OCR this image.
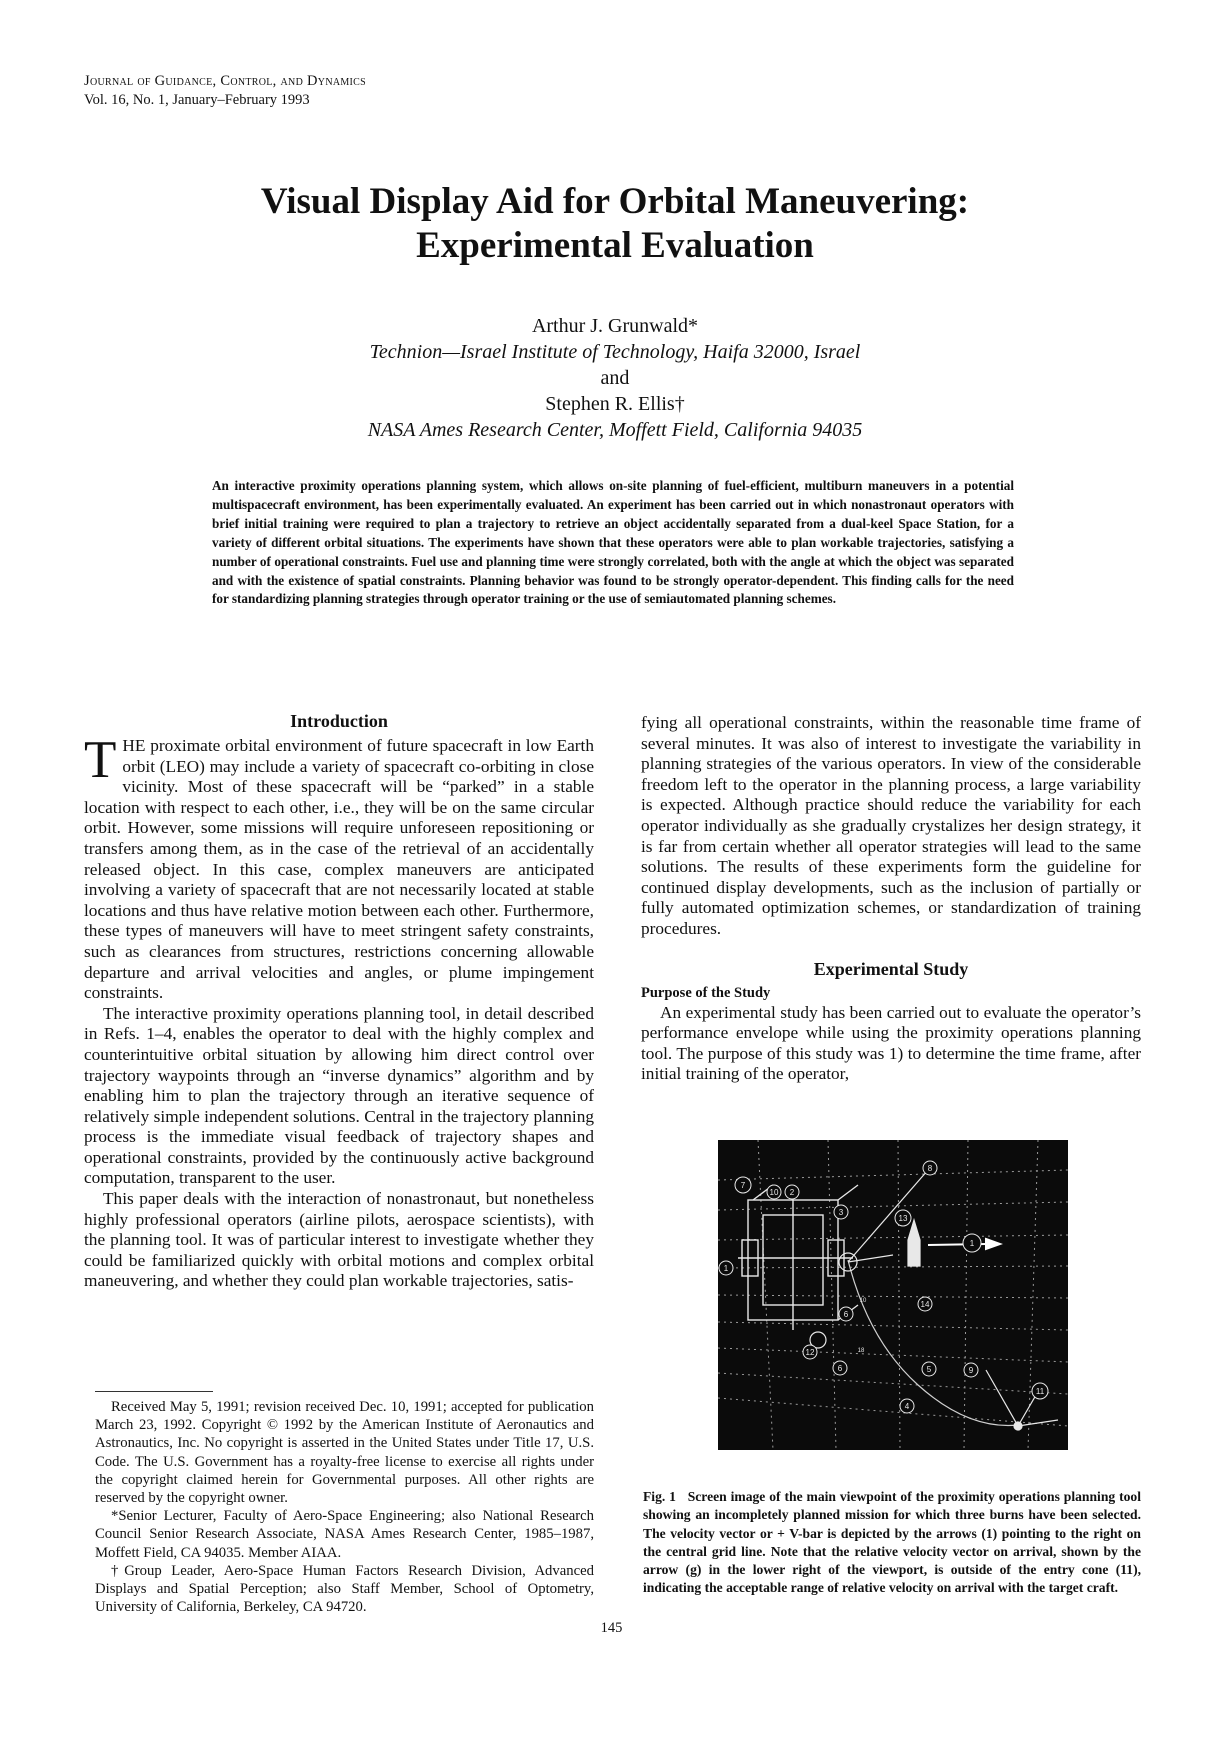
Journal of Guidance, Control, and Dynamics
Vol. 16, No. 1, January–February 1993
Visual Display Aid for Orbital Maneuvering:
Experimental Evaluation
Arthur J. Grunwald*
Technion—Israel Institute of Technology, Haifa 32000, Israel
and
Stephen R. Ellis†
NASA Ames Research Center, Moffett Field, California 94035
An interactive proximity operations planning system, which allows on-site planning of fuel-efficient, multiburn maneuvers in a potential multispacecraft environment, has been experimentally evaluated. An experiment has been carried out in which nonastronaut operators with brief initial training were required to plan a trajectory to retrieve an object accidentally separated from a dual-keel Space Station, for a variety of different orbital situations. The experiments have shown that these operators were able to plan workable trajectories, satisfying a number of operational constraints. Fuel use and planning time were strongly correlated, both with the angle at which the object was separated and with the existence of spatial constraints. Planning behavior was found to be strongly operator-dependent. This finding calls for the need for standardizing planning strategies through operator training or the use of semiautomated planning schemes.
Introduction

THE proximate orbital environment of future spacecraft in low Earth orbit (LEO) may include a variety of spacecraft co-orbiting in close vicinity. Most of these spacecraft will be “parked” in a stable location with respect to each other, i.e., they will be on the same circular orbit. However, some missions will require unforeseen repositioning or transfers among them, as in the case of the retrieval of an accidentally released object. In this case, complex maneuvers are anticipated involving a variety of spacecraft that are not necessarily located at stable locations and thus have relative motion between each other. Furthermore, these types of maneuvers will have to meet stringent safety constraints, such as clearances from structures, restrictions concerning allowable departure and arrival velocities and angles, or plume impingement constraints.

The interactive proximity operations planning tool, in detail described in Refs. 1–4, enables the operator to deal with the highly complex and counterintuitive orbital situation by allowing him direct control over trajectory waypoints through an “inverse dynamics” algorithm and by enabling him to plan the trajectory through an iterative sequence of relatively simple independent solutions. Central in the trajectory planning process is the immediate visual feedback of trajectory shapes and operational constraints, provided by the continuously active background computation, transparent to the user.

This paper deals with the interaction of nonastronaut, but nonetheless highly professional operators (airline pilots, aerospace scientists), with the planning tool. It was of particular interest to investigate whether they could be familiarized quickly with orbital motions and complex orbital maneuvering, and whether they could plan workable trajectories, satis-

Received May 5, 1991; revision received Dec. 10, 1991; accepted for publication March 23, 1992. Copyright © 1992 by the American Institute of Aeronautics and Astronautics, Inc. No copyright is asserted in the United States under Title 17, U.S. Code. The U.S. Government has a royalty-free license to exercise all rights under the copyright claimed herein for Governmental purposes. All other rights are reserved by the copyright owner.

*Senior Lecturer, Faculty of Aero-Space Engineering; also National Research Council Senior Research Associate, NASA Ames Research Center, 1985–1987, Moffett Field, CA 94035. Member AIAA.

†Group Leader, Aero-Space Human Factors Research Division, Advanced Displays and Spatial Perception; also Staff Member, School of Optometry, University of California, Berkeley, CA 94720.

fying all operational constraints, within the reasonable time frame of several minutes. It was also of interest to investigate the variability in planning strategies of the various operators. In view of the considerable freedom left to the operator in the planning process, a large variability is expected. Although practice should reduce the variability for each operator individually as she gradually crystalizes her design strategy, it is far from certain whether all operator strategies will lead to the same solutions. The results of these experiments form the guideline for continued display developments, such as the inclusion of partially or fully automated optimization schemes, or standardization of training procedures.

Experimental Study
Purpose of the Study

An experimental study has been carried out to evaluate the operator’s performance envelope while using the proximity operations planning tool. The purpose of this study was 1) to determine the time frame, after initial training of the operator,

7
10 2
3
8
13
1
1
6
14
12
6	5	9
11
4
10
18
Fig. 1 Screen image of the main viewpoint of the proximity operations planning tool showing an incompletely planned mission for which three burns have been selected. The velocity vector or + V-bar is depicted by the arrows (1) pointing to the right on the central grid line. Note that the relative velocity vector on arrival, shown by the arrow (g) in the lower right of the viewport, is outside of the entry cone (11), indicating the acceptable range of relative velocity on arrival with the target craft.
145
